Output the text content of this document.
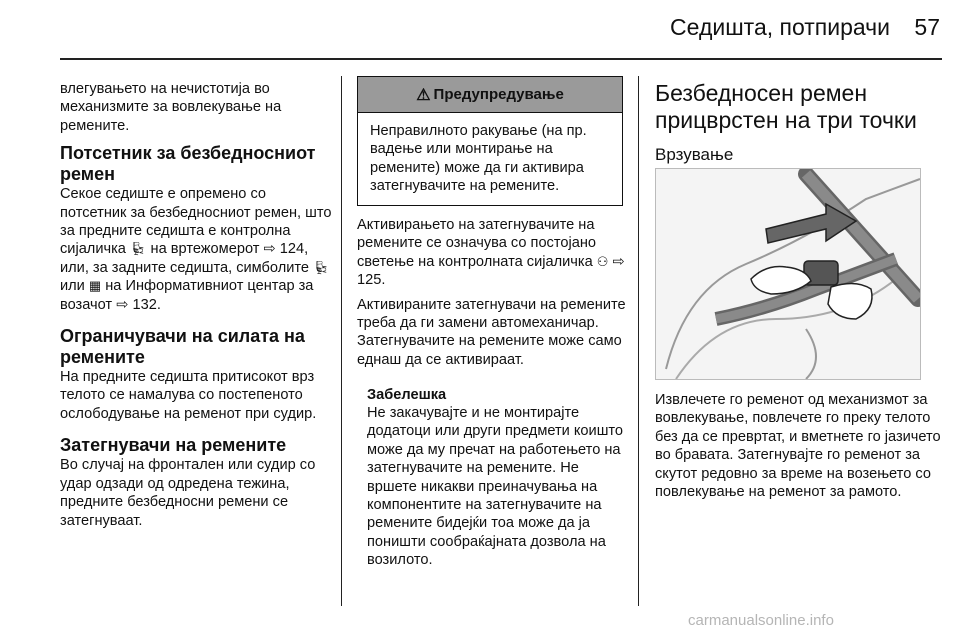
Седишта, потпирачи	57

влегувањето на нечистотија во механизмите за вовлекување на ремените.

Потсетник за безбедносниот ремен

Секое седиште е опремено со потсетник за безбедносниот ремен, што за предните седишта е контролна сијаличка 💺︎ на вртежомерот ⇨ 124, или, за задните седишта, симболите 💺︎ или ▦ на Информативниот центар за возачот ⇨ 132.

Ограничувачи на силата на ремените

На предните седишта притисокот врз телото се намалува со постепеното ослободување на ременот при судир.

Затегнувачи на ремените

Во случај на фронтален или судир со удар одзади од одредена тежина, предните безбедносни ремени се затегнуваат.

⚠ Предупредување
Неправилното ракување (на пр. вадење или монтирање на ремените) може да ги активира затегнувачите на ремените.

Активирањето на затегнувачите на ремените се означува со постојано светење на контролната сијаличка ⚇ ⇨ 125.

Активираните затегнувачи на ремените треба да ги замени автомеханичар. Затегнувачите на ремените може само еднаш да се активираат.

Забелешка

Не закачувајте и не монтирајте додатоци или други предмети коишто може да му пречат на работењето на затегнувачите на ремените. Не вршете никакви преиначувања на компонентите на затегнувачите на ремените бидејќи тоа може да ја поништи сообраќајната дозвола на возилото.

Безбедносен ремен прицврстен на три точки

Врзување

Извлечете го ременот од механизмот за вовлекување, повлечете го преку телото без да се превртат, и вметнете го јазичето во бравата. Затегнувајте го ременот за скутот редовно за време на возењето со повлекување на ременот за рамото.

carmanualsonline.info
